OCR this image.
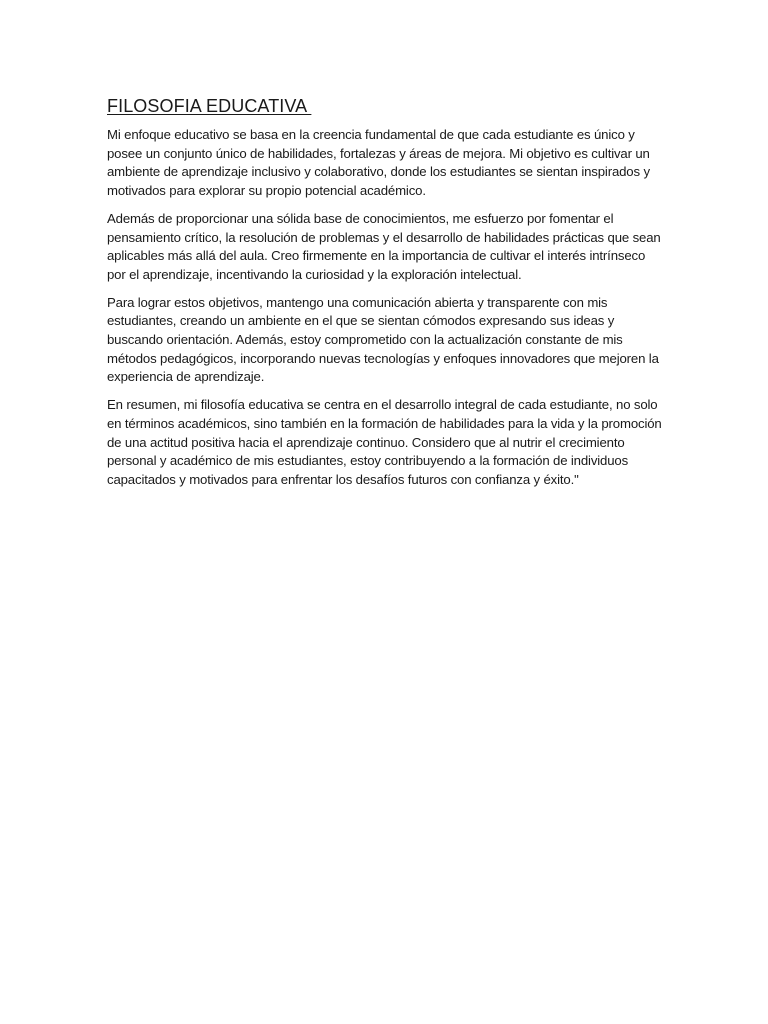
FILOSOFIA EDUCATIVA

Mi enfoque educativo se basa en la creencia fundamental de que cada estudiante es único y posee un conjunto único de habilidades, fortalezas y áreas de mejora. Mi objetivo es cultivar un ambiente de aprendizaje inclusivo y colaborativo, donde los estudiantes se sientan inspirados y motivados para explorar su propio potencial académico.

Además de proporcionar una sólida base de conocimientos, me esfuerzo por fomentar el pensamiento crítico, la resolución de problemas y el desarrollo de habilidades prácticas que sean aplicables más allá del aula. Creo firmemente en la importancia de cultivar el interés intrínseco por el aprendizaje, incentivando la curiosidad y la exploración intelectual.

Para lograr estos objetivos, mantengo una comunicación abierta y transparente con mis estudiantes, creando un ambiente en el que se sientan cómodos expresando sus ideas y buscando orientación. Además, estoy comprometido con la actualización constante de mis métodos pedagógicos, incorporando nuevas tecnologías y enfoques innovadores que mejoren la experiencia de aprendizaje.

En resumen, mi filosofía educativa se centra en el desarrollo integral de cada estudiante, no solo en términos académicos, sino también en la formación de habilidades para la vida y la promoción de una actitud positiva hacia el aprendizaje continuo. Considero que al nutrir el crecimiento personal y académico de mis estudiantes, estoy contribuyendo a la formación de individuos capacitados y motivados para enfrentar los desafíos futuros con confianza y éxito."
